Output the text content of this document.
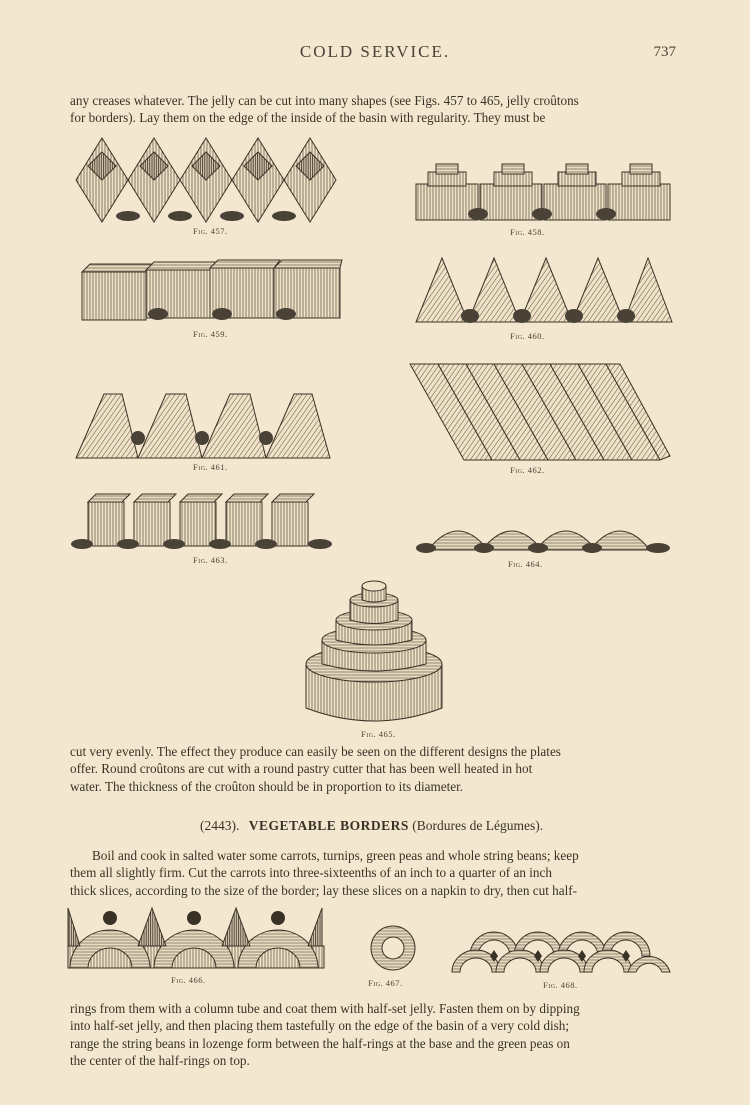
COLD SERVICE.	737
any creases whatever. The jelly can be cut into many shapes (see Figs. 457 to 465, jelly croûtons
for borders). Lay them on the edge of the inside of the basin with regularity. They must be
Fig. 457.	Fig. 458.
Fig. 459.	Fig. 460.
Fig. 461.	Fig. 462.
Fig. 463.	Fig. 464.
Fig. 465.
cut very evenly. The effect they produce can easily be seen on the different designs the plates
offer. Round croûtons are cut with a round pastry cutter that has been well heated in hot
water. The thickness of the croûton should be in proportion to its diameter.
(2443). VEGETABLE BORDERS (Bordures de Légumes).
Boil and cook in salted water some carrots, turnips, green peas and whole string beans; keep
them all slightly firm. Cut the carrots into three-sixteenths of an inch to a quarter of an inch
thick slices, according to the size of the border; lay these slices on a napkin to dry, then cut half-
Fig. 466.	Fig. 467.	Fig. 468.
rings from them with a column tube and coat them with half-set jelly. Fasten them on by dipping
into half-set jelly, and then placing them tastefully on the edge of the basin of a very cold dish;
range the string beans in lozenge form between the half-rings at the base and the green peas on
the center of the half-rings on top.
